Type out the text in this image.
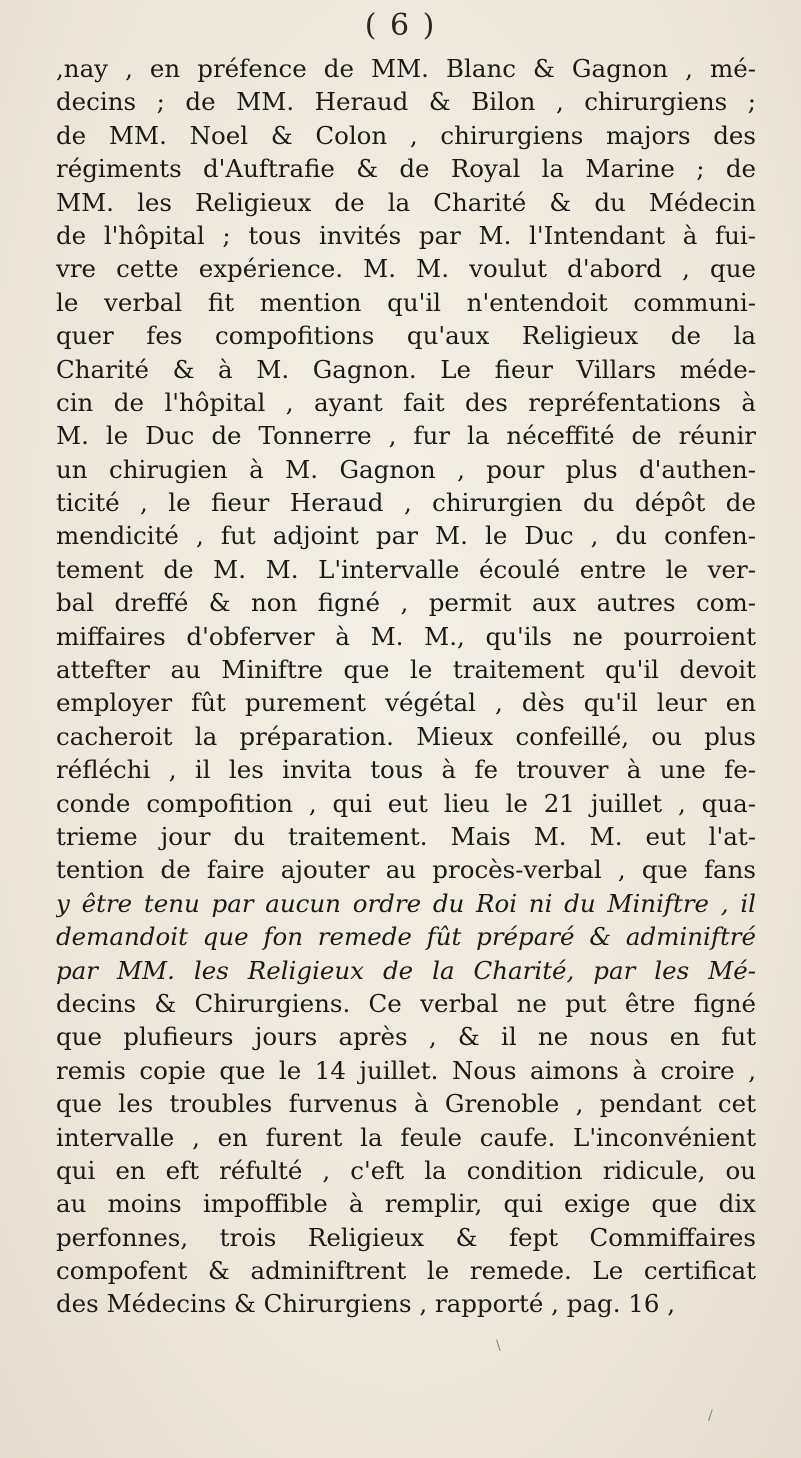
( 6 )
,nay , en préfence de MM. Blanc & Gagnon , mé-
decins ; de MM. Heraud & Bilon , chirurgiens ;
de MM. Noel & Colon , chirurgiens majors des
régiments d'Auftrafie & de Royal la Marine ; de
MM. les Religieux de la Charité & du Médecin
de l'hôpital ; tous invités par M. l'Intendant à fui-
vre cette expérience. M. M. voulut d'abord , que
le verbal fit mention qu'il n'entendoit communi-
quer fes compofitions qu'aux Religieux de la
Charité & à M. Gagnon. Le fieur Villars méde-
cin de l'hôpital , ayant fait des repréfentations à
M. le Duc de Tonnerre , fur la néceffité de réunir
un chirugien à M. Gagnon , pour plus d'authen-
ticité , le fieur Heraud , chirurgien du dépôt de
mendicité , fut adjoint par M. le Duc , du confen-
tement de M. M. L'intervalle écoulé entre le ver-
bal dreffé & non figné , permit aux autres com-
miffaires d'obferver à M. M., qu'ils ne pourroient
attefter au Miniftre que le traitement qu'il devoit
employer fût purement végétal , dès qu'il leur en
cacheroit la préparation. Mieux confeillé, ou plus
réfléchi , il les invita tous à fe trouver à une fe-
conde compofition , qui eut lieu le 21 juillet , qua-
trieme jour du traitement. Mais M. M. eut l'at-
tention de faire ajouter au procès-verbal , que fans
y être tenu par aucun ordre du Roi ni du Miniftre , il
demandoit que fon remede fût préparé & adminiftré
par MM. les Religieux de la Charité, par les Mé-
decins & Chirurgiens. Ce verbal ne put être figné
que plufieurs jours après , & il ne nous en fut
remis copie que le 14 juillet. Nous aimons à croire ,
que les troubles furvenus à Grenoble , pendant cet
intervalle , en furent la feule caufe. L'inconvénient
qui en eft réfulté , c'eft la condition ridicule, ou
au moins impoffible à remplir, qui exige que dix
perfonnes, trois Religieux & fept Commiffaires
compofent & adminiftrent le remede. Le certificat
des Médecins & Chirurgiens , rapporté , pag. 16 ,
\
/
